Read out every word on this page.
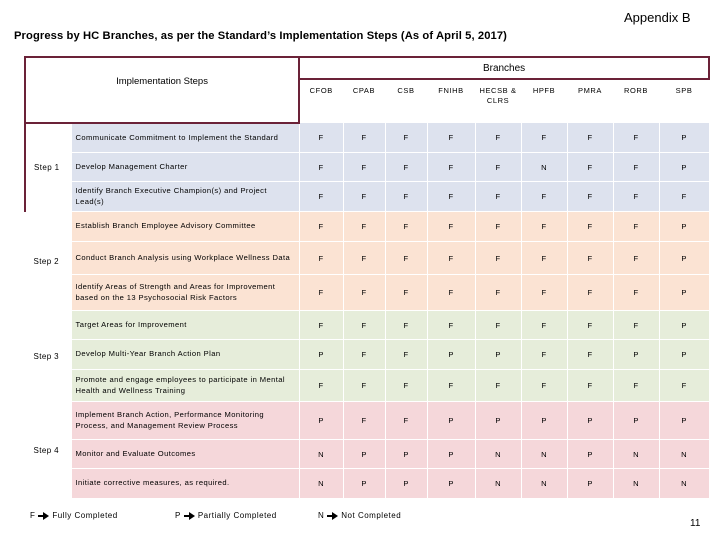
Appendix B
Progress by HC Branches, as per the Standard’s Implementation Steps (As of April 5, 2017)
Implementation Steps		Branches								
		CFOB	CPAB	CSB	FNIHB	HECSB & CLRS	HPFB	PMRA	RORB	SPB
Step 1	Communicate Commitment to Implement the Standard	F	F	F	F	F	F	F	F	P
	Develop Management Charter	F	F	F	F	F	N	F	F	P
	Identify Branch Executive Champion(s) and Project Lead(s)	F	F	F	F	F	F	F	F	F
Step 2	Establish Branch Employee Advisory Committee	F	F	F	F	F	F	F	F	P
	Conduct Branch Analysis using Workplace Wellness Data	F	F	F	F	F	F	F	F	P
	Identify Areas of Strength and Areas for Improvement based on the 13 Psychosocial Risk Factors	F	F	F	F	F	F	F	F	P
Step 3	Target Areas for Improvement	F	F	F	F	F	F	F	F	P
	Develop Multi-Year Branch Action Plan	P	F	F	P	P	F	F	P	P
	Promote and engage employees to participate in Mental Health and Wellness Training	F	F	F	F	F	F	F	F	F
Step 4	Implement Branch Action, Performance Monitoring Process, and Management Review Process	P	F	F	P	P	P	P	P	P
	Monitor and Evaluate Outcomes	N	P	P	P	N	N	P	N	N
	Initiate corrective measures, as required.	N	P	P	P	N	N	P	N	N
F Fully Completed	P Partially Completed	N Not Completed
11
